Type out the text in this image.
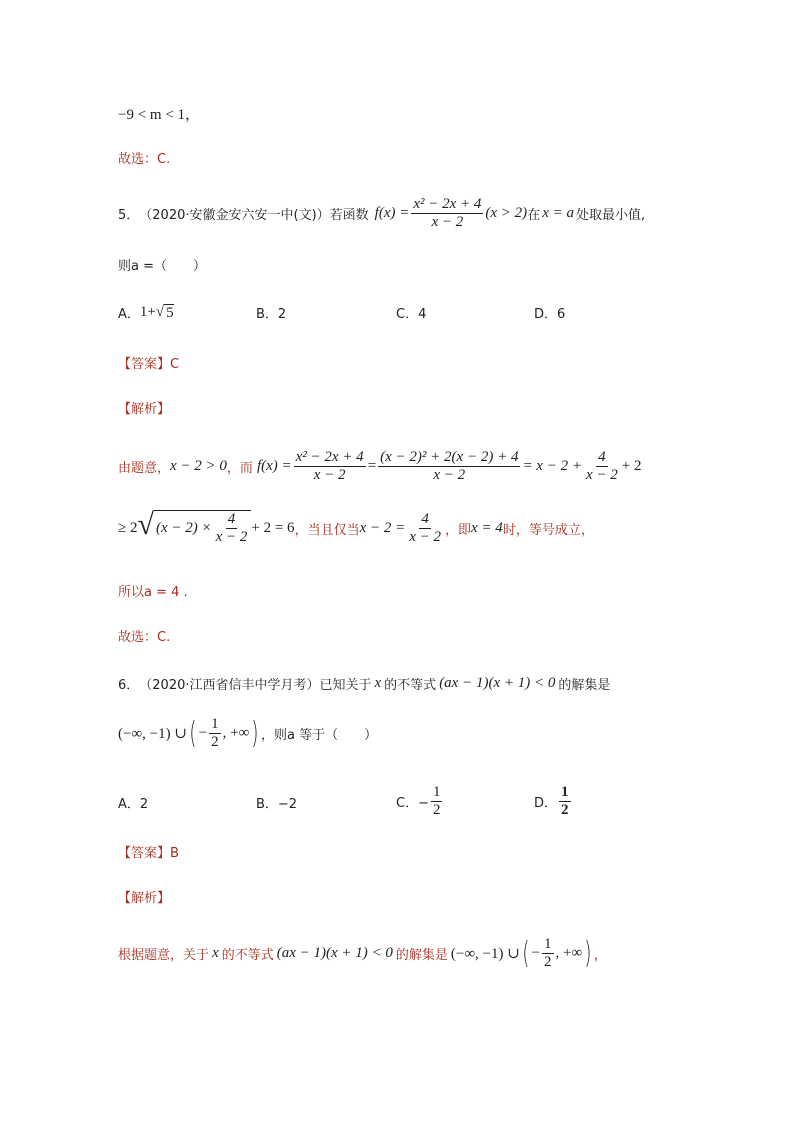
−9 < m < 1，
故选：C.
5． （2020·安徽金安六安一中(文)）若函数 $f(x) = \frac{\text{x² − 2x + 4}}{x - 2} (x > 2)$ 在 x = a 处取最小值,
则a =（　　）
A． 1+ √ 5	B．2	C．4	D．6
【答案】C
【解析】
由题意， x − 2 > 0 ，而 $f(x) = \frac{\text{x² − 2x + 4}}{x - 2} = \frac{\text{(x − 2)² + 2(x − 2) + 4}}{x - 2} = x - 2 + \frac{4}{x - 2} + 2$
≥ 2 √ $(x - 2) \times \frac{4}{x - 2} + 2 = 6$ ，当且仅当 $x - 2 = \frac{4}{x - 2}$ ，即 x = 4 时，等号成立，
所以a = 4 .
故选：C.
6． （2020·江西省信丰中学月考）已知关于 x 的不等式 (ax − 1)(x + 1) < 0 的解集是
(−∞, −1) ∪ ( − $\frac{1}{2}$ , +∞ ) ，则a 等于（　　）
A．2	B．−2	C．− $\frac{1}{2}$	D． $\frac{1}{2}$
【答案】B
【解析】
根据题意，关于 x 的不等式 (ax − 1)(x + 1) < 0 的解集是 (−∞, −1) ∪ ( − $\frac{1}{2}$ , +∞ ) ，
